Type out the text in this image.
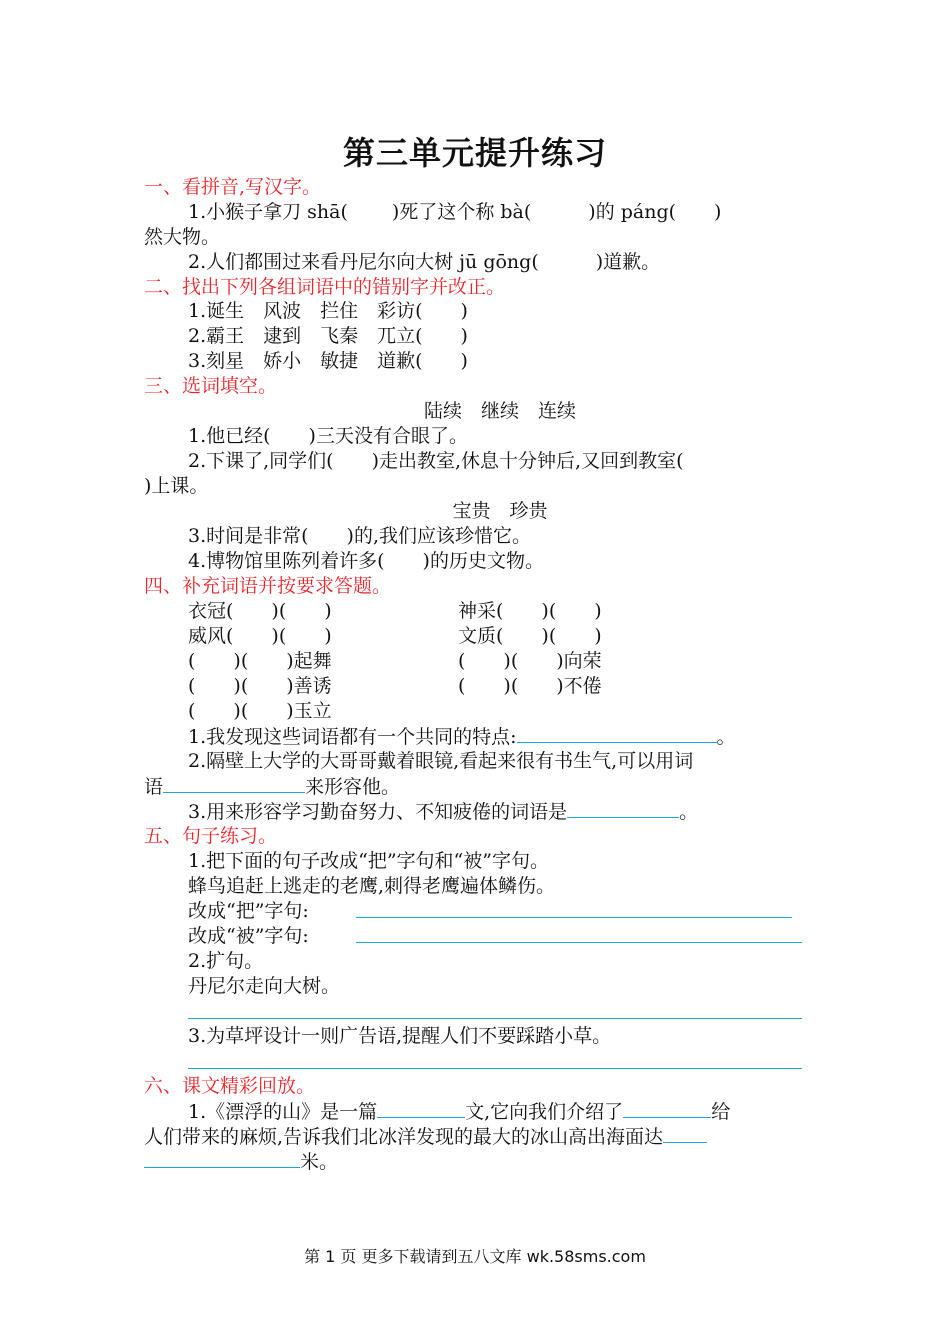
第三单元提升练习
一、看拼音,写汉字。
1.小猴子拿刀 shā(　　 )死了这个称 bà(　　　)的 páng(　　)
然大物。
2.人们都围过来看丹尼尔向大树 jū gōng(　　　)道歉。
二、找出下列各组词语中的错别字并改正。
1.诞生　风波　拦住　彩访(　　)
2.霸王　逮到　飞秦　兀立(　　)
3.刻星　娇小　敏捷　道歉(　　)
三、选词填空。
陆续　继续　连续
1.他已经(　　)三天没有合眼了。
2.下课了,同学们(　　)走出教室,休息十分钟后,又回到教室(
)上课。
宝贵　珍贵
3.时间是非常(　　)的,我们应该珍惜它。
4.博物馆里陈列着许多(　　)的历史文物。
四、补充词语并按要求答题。
衣冠(　　)(　　)	神采(　　)(　　)
威风(　　)(　　)	文质(　　)(　　)
(　　)(　　)起舞	(　　)(　　)向荣
(　　)(　　)善诱	(　　)(　　)不倦
(　　)(　　)玉立
1.我发现这些词语都有一个共同的特点:	。
2.隔壁上大学的大哥哥戴着眼镜,看起来很有书生气,可以用词
语	来形容他。
3.用来形容学习勤奋努力、不知疲倦的词语是	。
五、句子练习。
1.把下面的句子改成“把”字句和“被”字句。
蜂鸟追赶上逃走的老鹰,刺得老鹰遍体鳞伤。
改成“把”字句:
改成“被”字句:
2.扩句。
丹尼尔走向大树。
3.为草坪设计一则广告语,提醒人们不要踩踏小草。
六、课文精彩回放。
1.《漂浮的山》是一篇	文,它向我们介绍了	给
人们带来的麻烦,告诉我们北冰洋发现的最大的冰山高出海面达
米。
第 1 页 更多下载请到五八文库 wk.58sms.com
